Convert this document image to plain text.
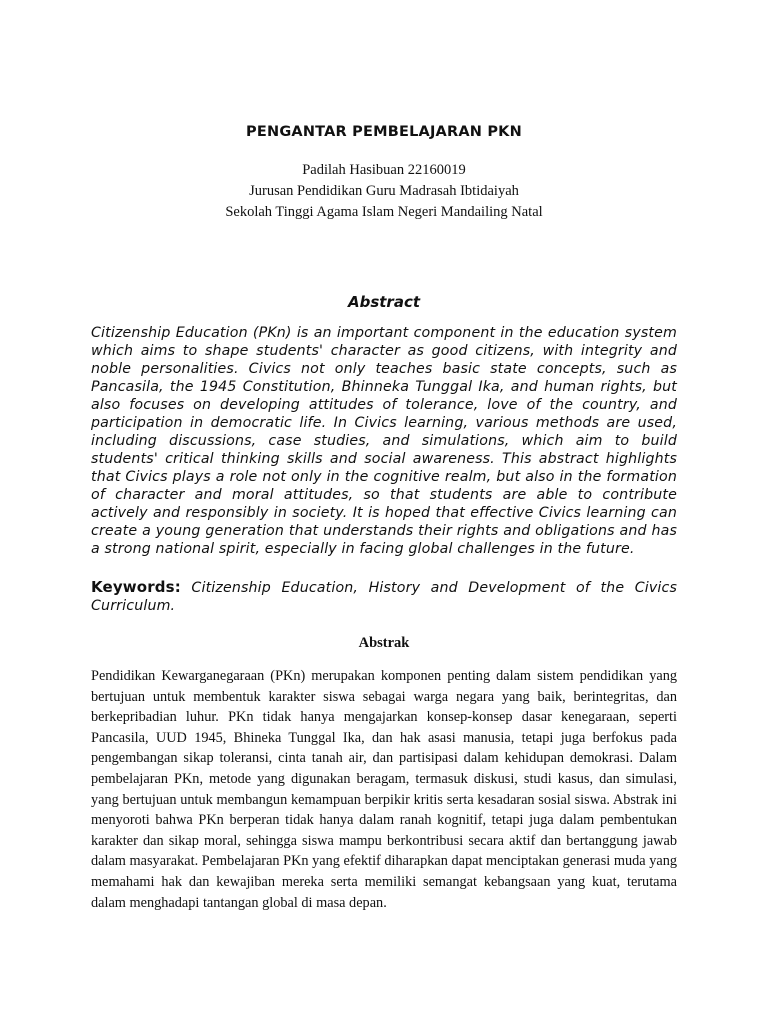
PENGANTAR PEMBELAJARAN PKN
Padilah Hasibuan 22160019
Jurusan Pendidikan Guru Madrasah Ibtidaiyah
Sekolah Tinggi Agama Islam Negeri Mandailing Natal
Abstract
Citizenship Education (PKn) is an important component in the education system which aims to shape students' character as good citizens, with integrity and noble personalities. Civics not only teaches basic state concepts, such as Pancasila, the 1945 Constitution, Bhinneka Tunggal Ika, and human rights, but also focuses on developing attitudes of tolerance, love of the country, and participation in democratic life. In Civics learning, various methods are used, including discussions, case studies, and simulations, which aim to build students' critical thinking skills and social awareness. This abstract highlights that Civics plays a role not only in the cognitive realm, but also in the formation of character and moral attitudes, so that students are able to contribute actively and responsibly in society. It is hoped that effective Civics learning can create a young generation that understands their rights and obligations and has a strong national spirit, especially in facing global challenges in the future.
Keywords: Citizenship Education, History and Development of the Civics Curriculum.
Abstrak
Pendidikan Kewarganegaraan (PKn) merupakan komponen penting dalam sistem pendidikan yang bertujuan untuk membentuk karakter siswa sebagai warga negara yang baik, berintegritas, dan berkepribadian luhur. PKn tidak hanya mengajarkan konsep-konsep dasar kenegaraan, seperti Pancasila, UUD 1945, Bhineka Tunggal Ika, dan hak asasi manusia, tetapi juga berfokus pada pengembangan sikap toleransi, cinta tanah air, dan partisipasi dalam kehidupan demokrasi. Dalam pembelajaran PKn, metode yang digunakan beragam, termasuk diskusi, studi kasus, dan simulasi, yang bertujuan untuk membangun kemampuan berpikir kritis serta kesadaran sosial siswa. Abstrak ini menyoroti bahwa PKn berperan tidak hanya dalam ranah kognitif, tetapi juga dalam pembentukan karakter dan sikap moral, sehingga siswa mampu berkontribusi secara aktif dan bertanggung jawab dalam masyarakat. Pembelajaran PKn yang efektif diharapkan dapat menciptakan generasi muda yang memahami hak dan kewajiban mereka serta memiliki semangat kebangsaan yang kuat, terutama dalam menghadapi tantangan global di masa depan.
